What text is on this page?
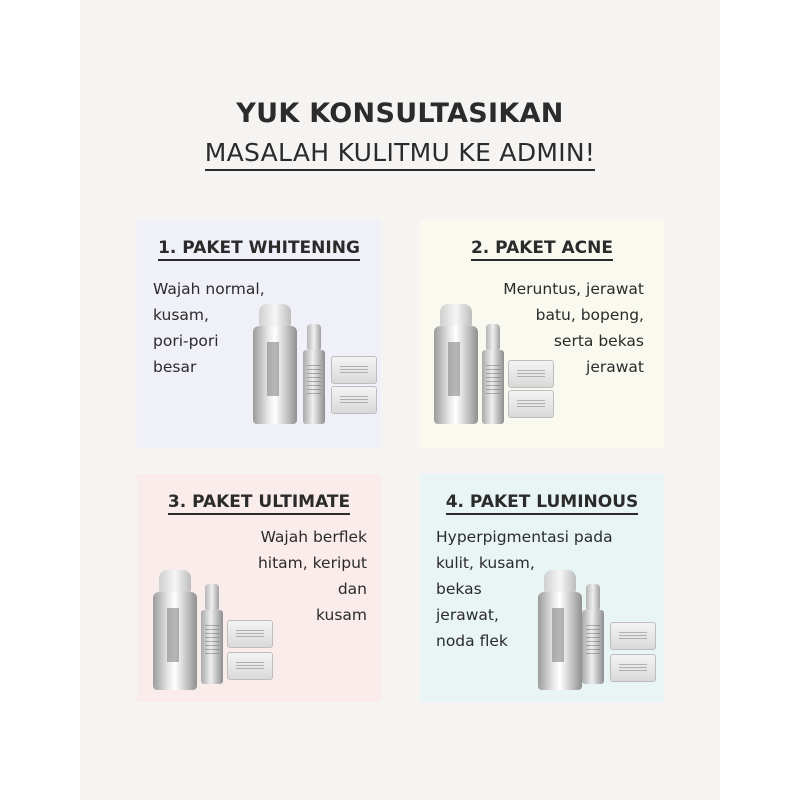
YUK KONSULTASIKAN
MASALAH KULITMU KE ADMIN!
1. PAKET WHITENING
Wajah normal,
kusam,
pori-pori
besar
2. PAKET ACNE
Meruntus, jerawat
batu, bopeng,
serta bekas
jerawat
3. PAKET ULTIMATE
Wajah berflek
hitam, keriput
dan
kusam
4. PAKET LUMINOUS
Hyperpigmentasi pada
kulit, kusam,
bekas
jerawat,
noda flek
